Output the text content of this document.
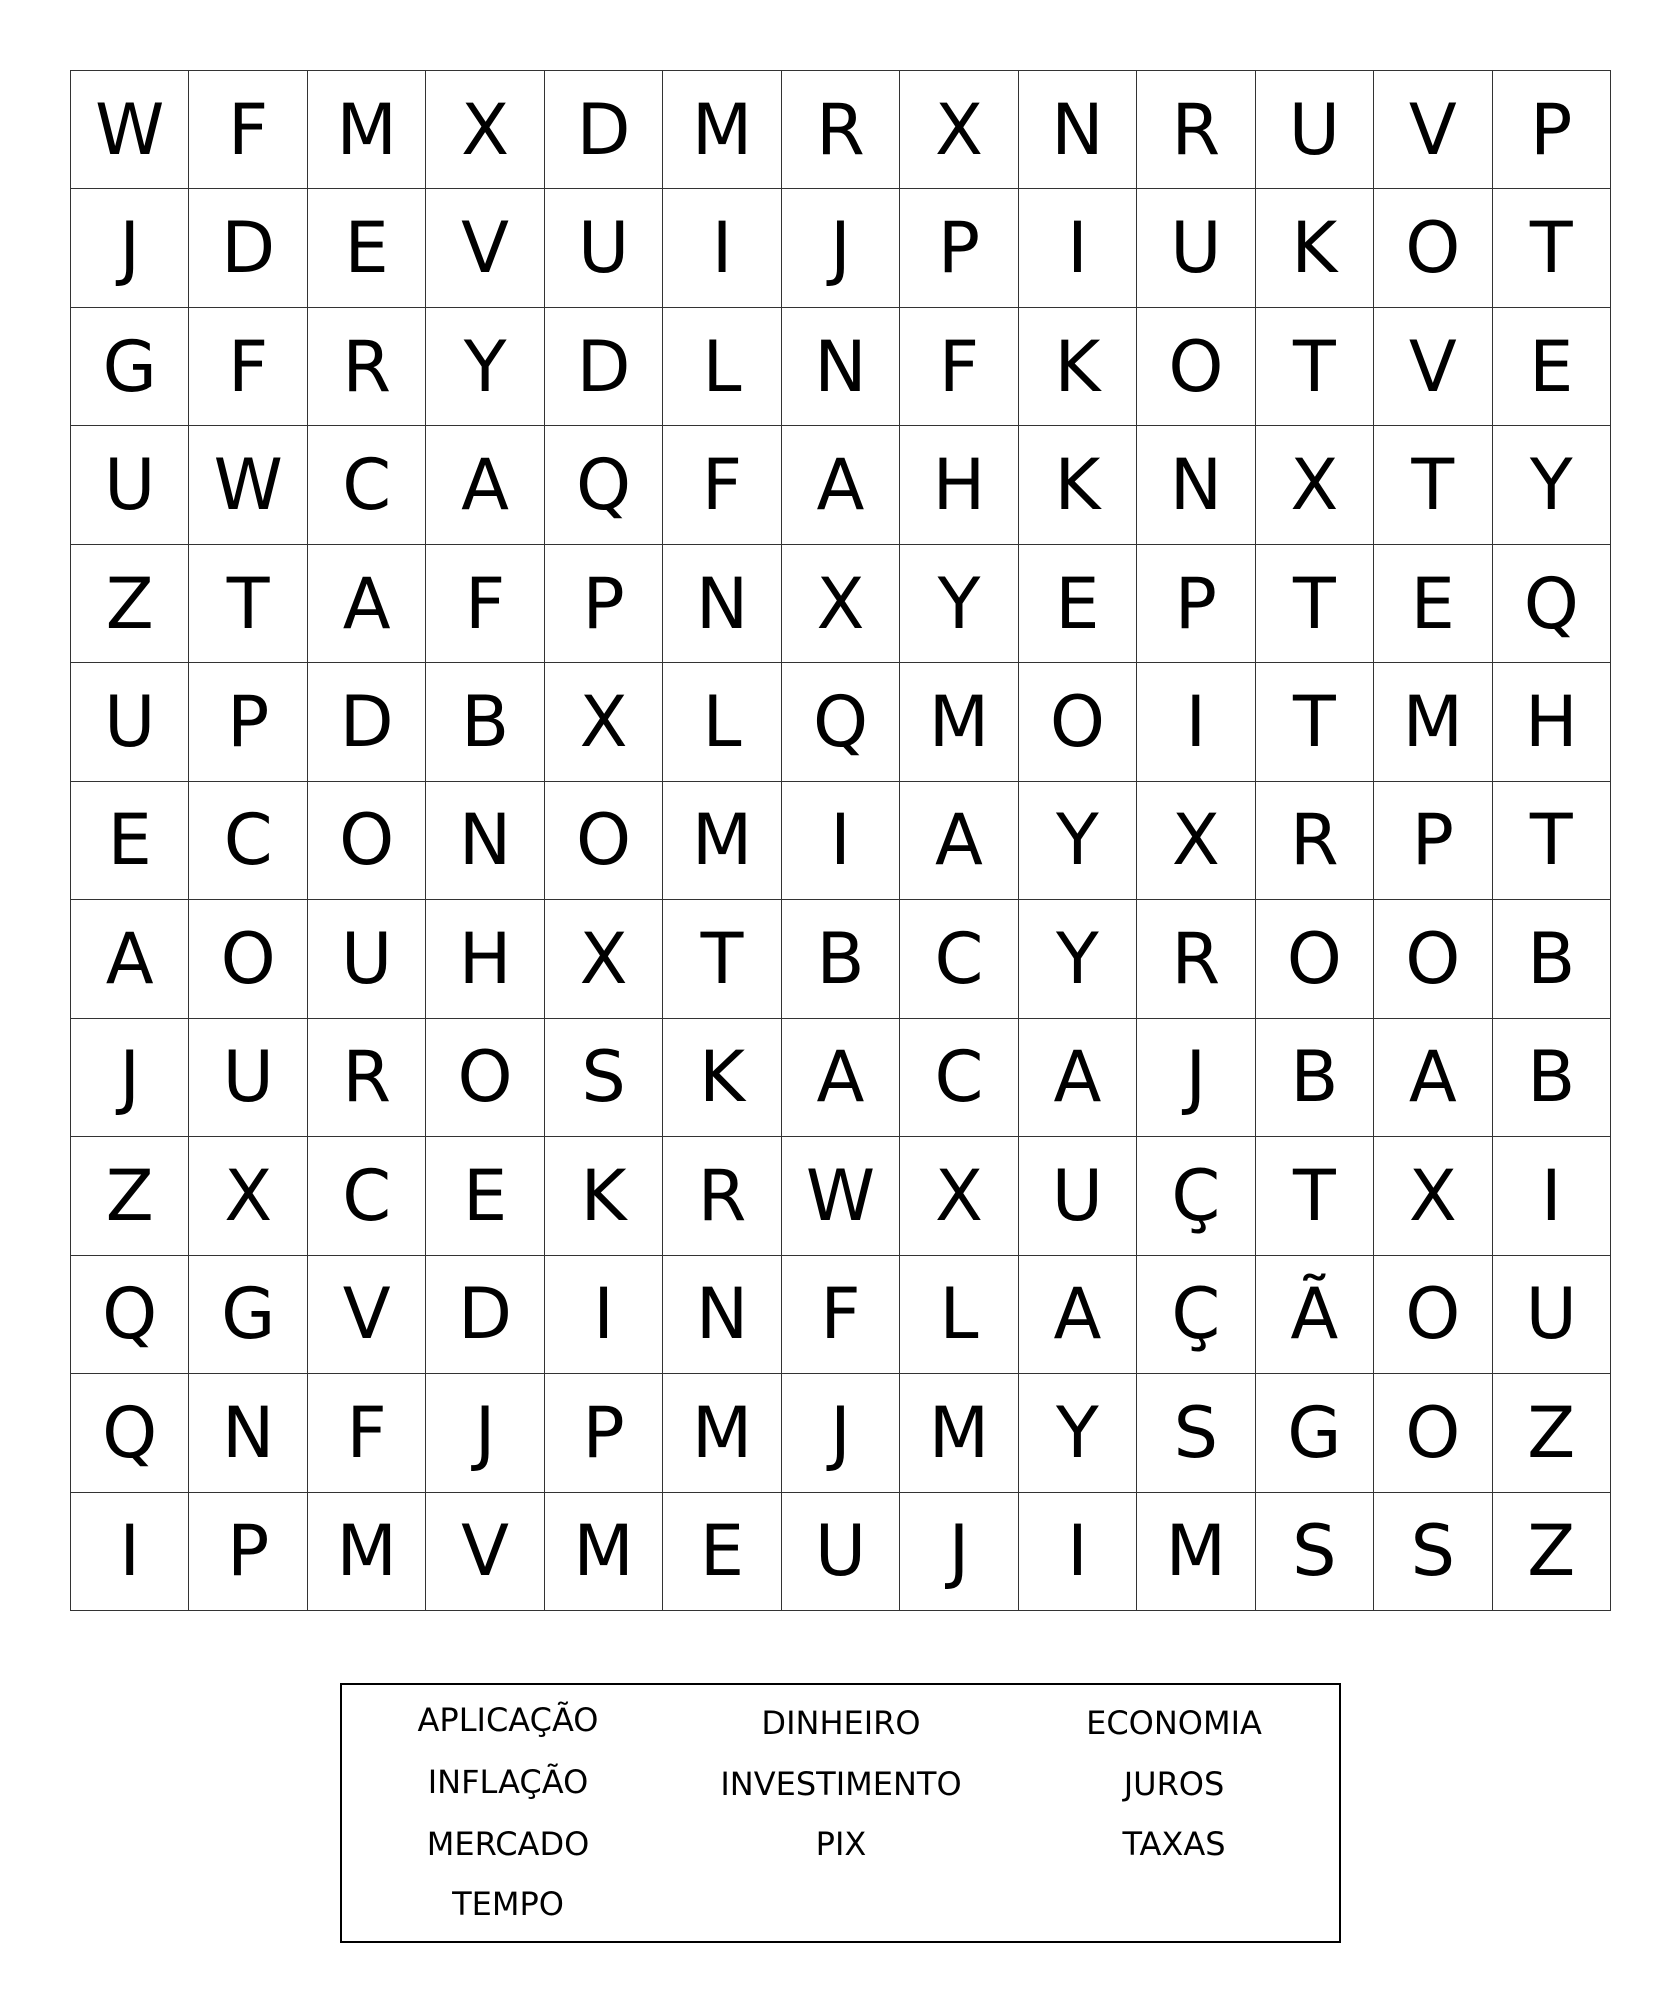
W F M X D M R	X N R U V	P
J	D E	V U	I	J	P	I	U K O T
G	F	R	Y	D	L	N	F	K O T	V	E
U W C	A Q	F	A H K N X	T	Y
Z	T	A	F	P	N X	Y	E	P	T	E Q
U	P	D B	X	L	Q M O	I	T M H
E	C O N O M	I	A	Y	X	R	P	T
A O U H X	T	B	C	Y	R O O B
J	U R O S	K	A	C	A	J	B	A	B
Z	X	C	E	K	R W X U Ç	T	X	I
Q G V D	I	N	F	L	A	Ç	Ã O U
Q N	F	J	P M	J	M Y	S G O Z
I	P M V M E	U	J	I	M S	S	Z
APLICAÇÃO	DINHEIRO	ECONOMIA
INFLAÇÃO	INVESTIMENTO	JUROS
MERCADO	PIX	TAXAS
TEMPO
